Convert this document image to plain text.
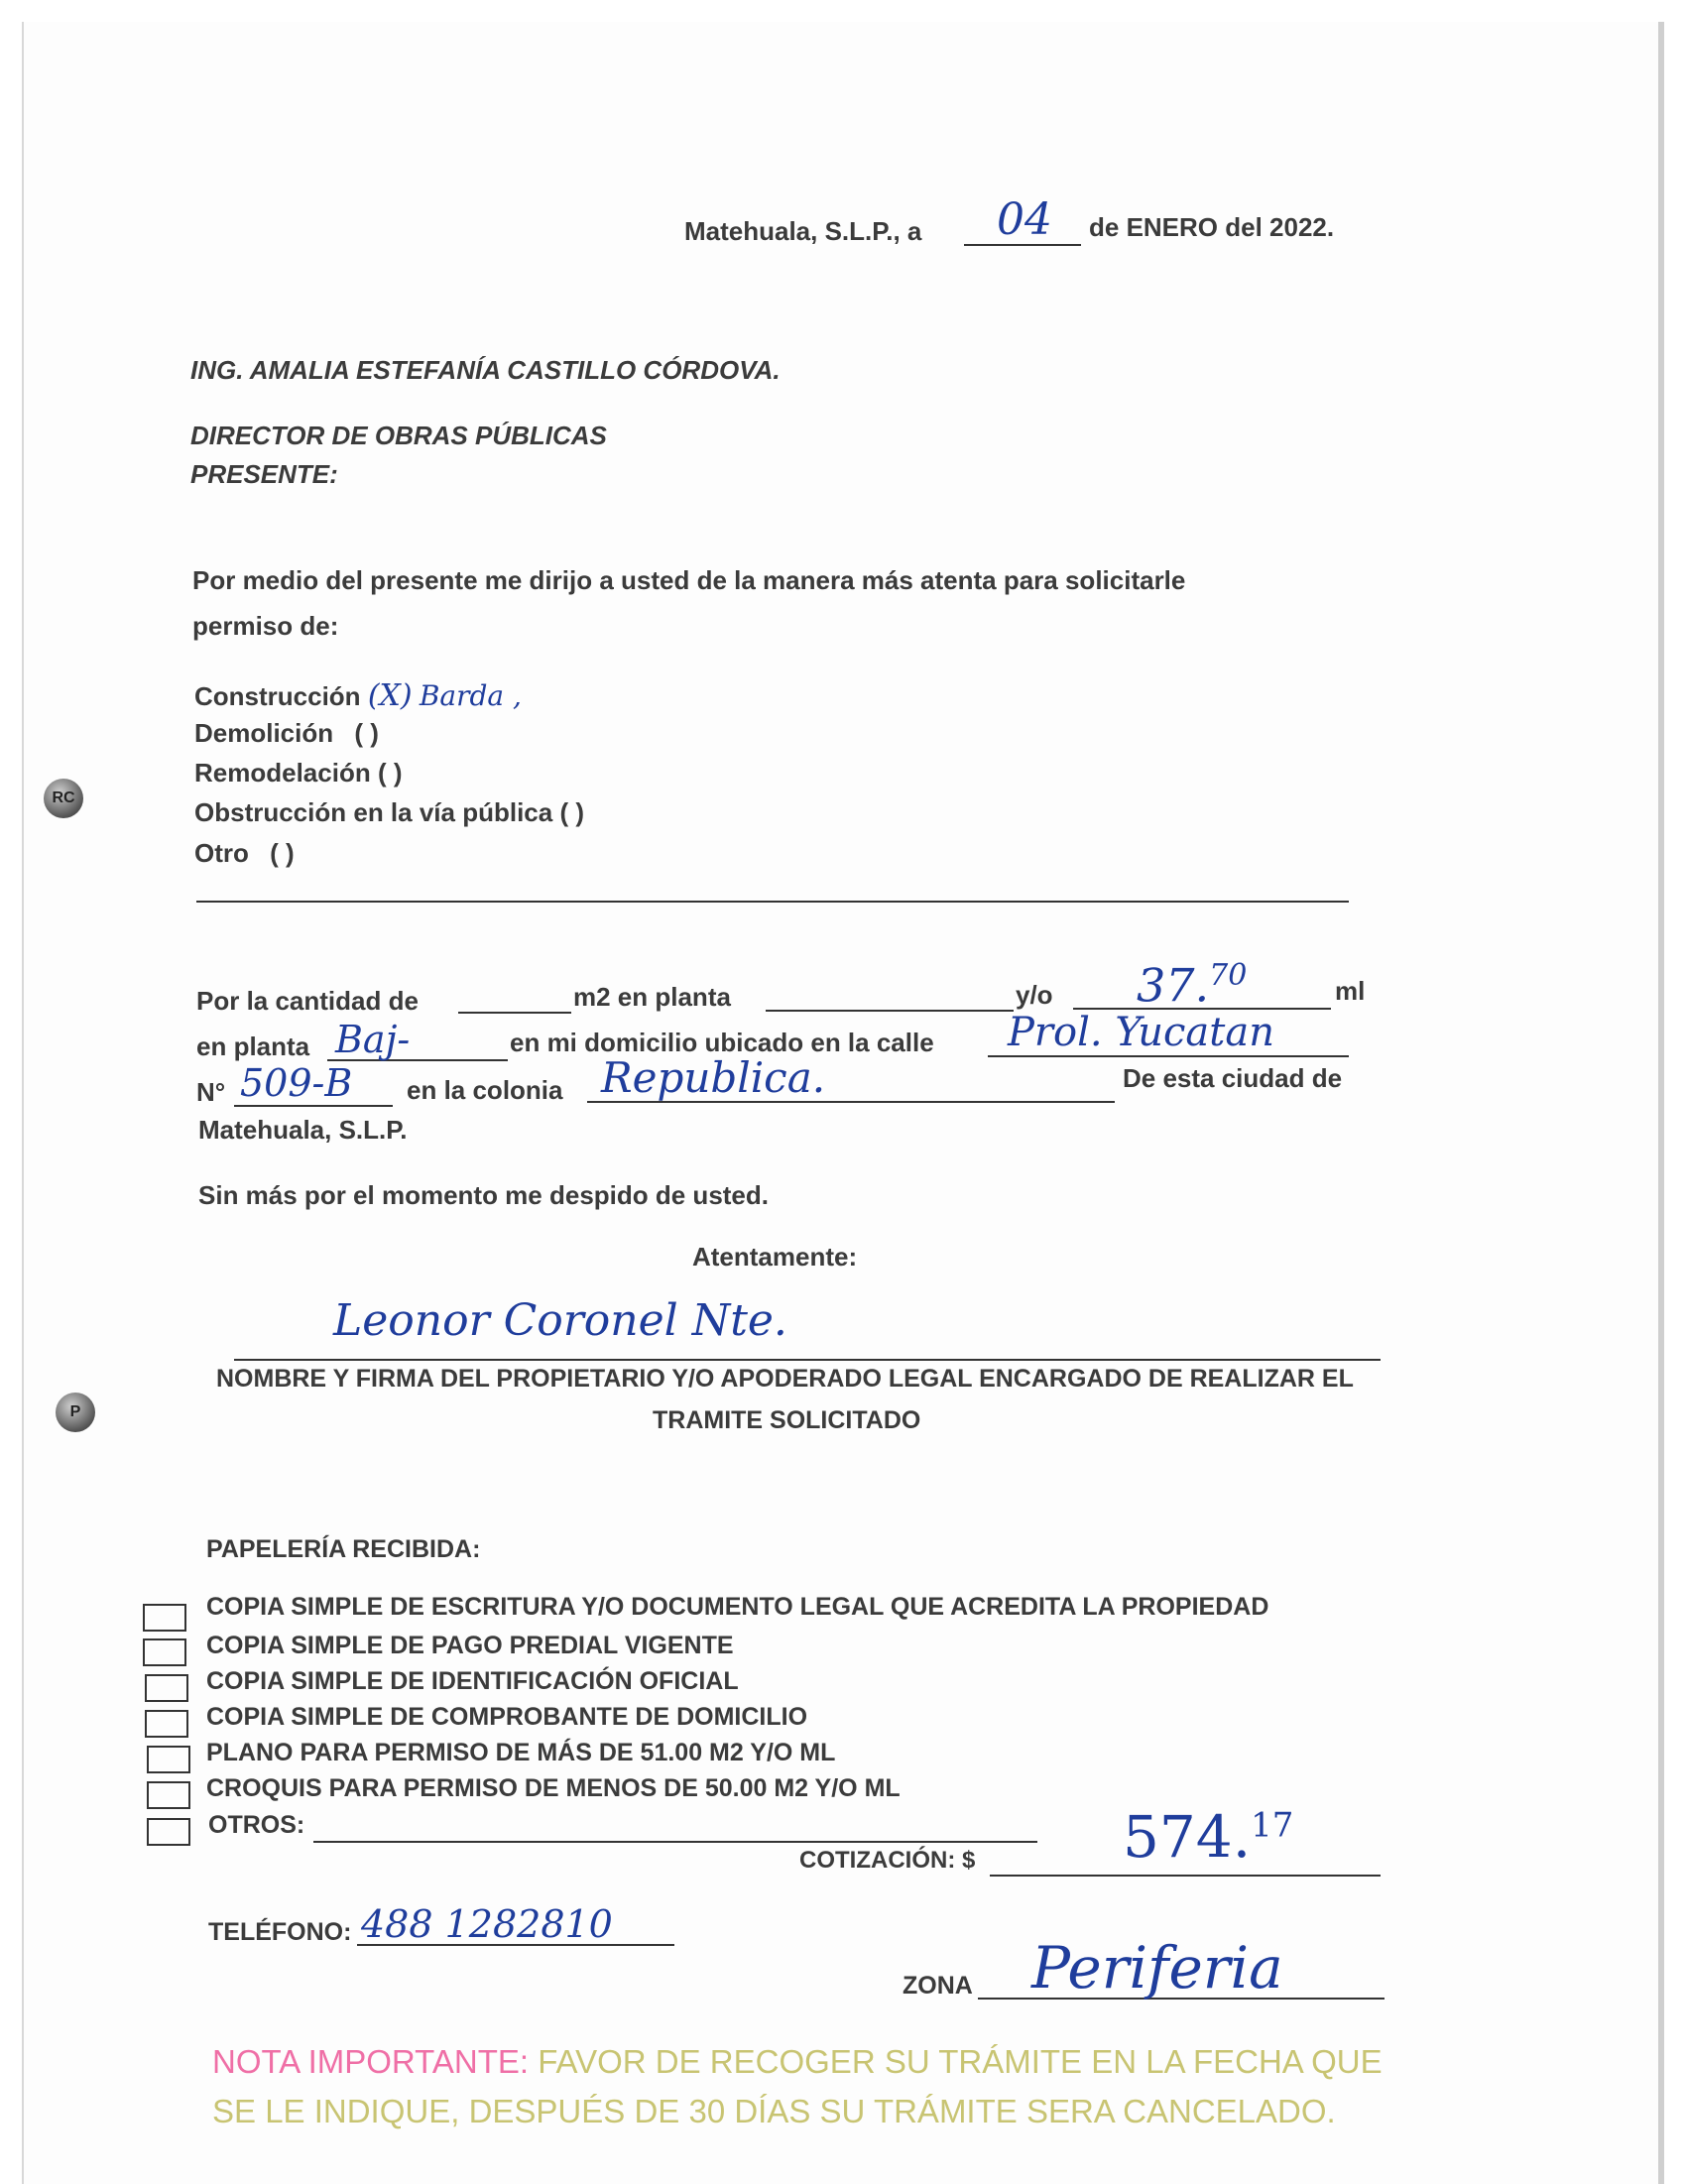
RC
P
Matehuala, S.L.P., a 04 de ENERO del 2022.
ING. AMALIA ESTEFANÍA CASTILLO CÓRDOVA.
DIRECTOR DE OBRAS PÚBLICAS
PRESENTE:
Por medio del presente me dirijo a usted de la manera más atenta para solicitarle
permiso de:
Construcción (X) Barda ,
Demolición ( )
Remodelación ( )
Obstrucción en la vía pública ( )
Otro ( )
Por la cantidad de	m2 en planta	y/o 37.70	ml
en planta Baj-	en mi domicilio ubicado en la calle Prol. Yucatan
N° 509-B en la colonia Republica.	De esta ciudad de
Matehuala, S.L.P.
Sin más por el momento me despido de usted.
Atentamente:
Leonor Coronel Nte.
NOMBRE Y FIRMA DEL PROPIETARIO Y/O APODERADO LEGAL ENCARGADO DE REALIZAR EL
TRAMITE SOLICITADO
PAPELERÍA RECIBIDA:
COPIA SIMPLE DE ESCRITURA Y/O DOCUMENTO LEGAL QUE ACREDITA LA PROPIEDAD
COPIA SIMPLE DE PAGO PREDIAL VIGENTE
COPIA SIMPLE DE IDENTIFICACIÓN OFICIAL
COPIA SIMPLE DE COMPROBANTE DE DOMICILIO
PLANO PARA PERMISO DE MÁS DE 51.00 M2 Y/O ML
CROQUIS PARA PERMISO DE MENOS DE 50.00 M2 Y/O ML
OTROS:
COTIZACIÓN: $	574.17
TELÉFONO: 488 1282810
ZONA Periferia
NOTA IMPORTANTE: FAVOR DE RECOGER SU TRÁMITE EN LA FECHA QUE
SE LE INDIQUE, DESPUÉS DE 30 DÍAS SU TRÁMITE SERA CANCELADO.
